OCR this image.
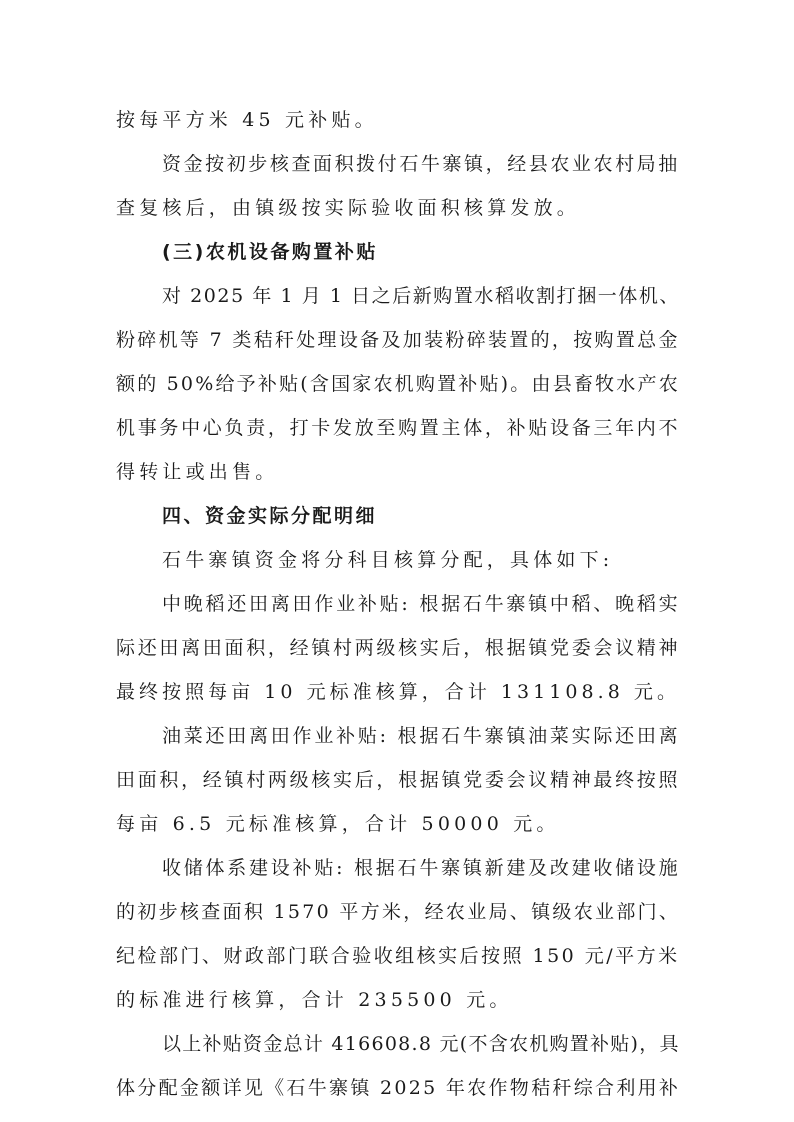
按每平方米 45 元补贴。
资金按初步核查面积拨付石牛寨镇，经县农业农村局抽
查复核后，由镇级按实际验收面积核算发放。
(三)农机设备购置补贴
对 2025 年 1 月 1 日之后新购置水稻收割打捆一体机、
粉碎机等 7 类秸秆处理设备及加装粉碎装置的，按购置总金
额的 50%给予补贴(含国家农机购置补贴)。由县畜牧水产农
机事务中心负责，打卡发放至购置主体，补贴设备三年内不
得转让或出售。
四、资金实际分配明细
石牛寨镇资金将分科目核算分配，具体如下:
中晚稻还田离田作业补贴: 根据石牛寨镇中稻、晚稻实
际还田离田面积，经镇村两级核实后，根据镇党委会议精神
最终按照每亩 10 元标准核算，合计 131108.8 元。
油菜还田离田作业补贴: 根据石牛寨镇油菜实际还田离
田面积，经镇村两级核实后，根据镇党委会议精神最终按照
每亩 6.5 元标准核算，合计 50000 元。
收储体系建设补贴: 根据石牛寨镇新建及改建收储设施
的初步核查面积 1570 平方米，经农业局、镇级农业部门、
纪检部门、财政部门联合验收组核实后按照 150 元/平方米
的标准进行核算，合计 235500 元。
以上补贴资金总计 416608.8 元(不含农机购置补贴)，具
体分配金额详见《石牛寨镇 2025 年农作物秸秆综合利用补
